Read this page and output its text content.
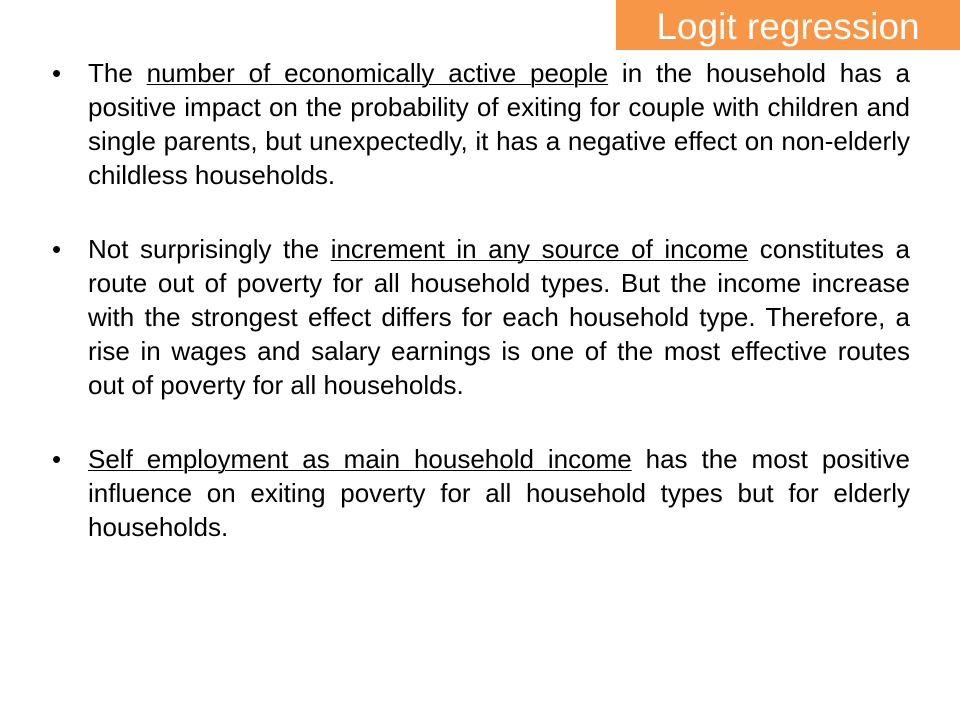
Logit regression
• The number of economically active people in the household has a positive impact on the probability of exiting for couple with children and single parents, but unexpectedly, it has a negative effect on non-elderly childless households.
• Not surprisingly the increment in any source of income constitutes a route out of poverty for all household types. But the income increase with the strongest effect differs for each household type. Therefore, a rise in wages and salary earnings is one of the most effective routes out of poverty for all households.
• Self employment as main household income has the most positive influence on exiting poverty for all household types but for elderly households.
